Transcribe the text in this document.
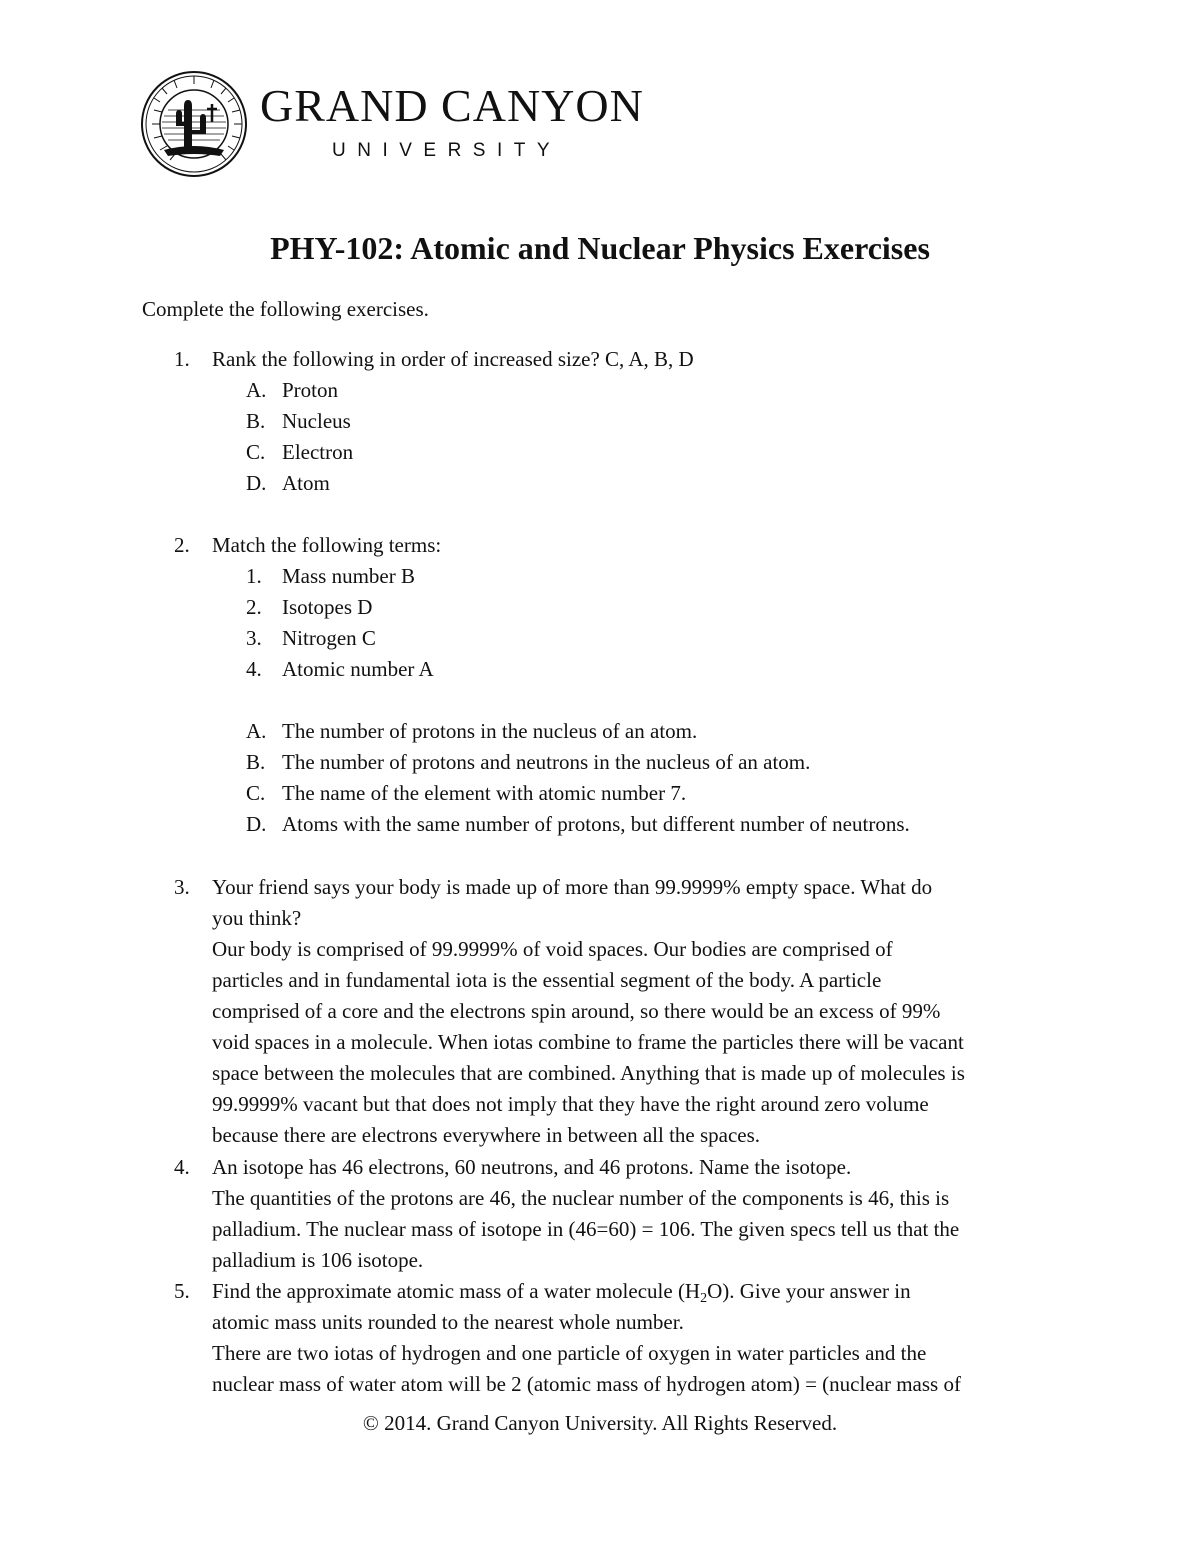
GRAND CANYON
UNIVERSITY
PHY-102: Atomic and Nuclear Physics Exercises
Complete the following exercises.
1. Rank the following in order of increased size? C, A, B, D
A. Proton
B. Nucleus
C. Electron
D. Atom
2. Match the following terms:
1. Mass number B
2. Isotopes D
3. Nitrogen C
4. Atomic number A
A. The number of protons in the nucleus of an atom.
B. The number of protons and neutrons in the nucleus of an atom.
C. The name of the element with atomic number 7.
D. Atoms with the same number of protons, but different number of neutrons.
3. Your friend says your body is made up of more than 99.9999% empty space. What do
you think?
Our body is comprised of 99.9999% of void spaces. Our bodies are comprised of
particles and in fundamental iota is the essential segment of the body. A particle
comprised of a core and the electrons spin around, so there would be an excess of 99%
void spaces in a molecule. When iotas combine to frame the particles there will be vacant
space between the molecules that are combined. Anything that is made up of molecules is
99.9999% vacant but that does not imply that they have the right around zero volume
because there are electrons everywhere in between all the spaces.
4. An isotope has 46 electrons, 60 neutrons, and 46 protons. Name the isotope.
The quantities of the protons are 46, the nuclear number of the components is 46, this is
palladium. The nuclear mass of isotope in (46=60) = 106. The given specs tell us that the
palladium is 106 isotope.
5. Find the approximate atomic mass of a water molecule $(H_2O)$. Give your answer in
atomic mass units rounded to the nearest whole number.
There are two iotas of hydrogen and one particle of oxygen in water particles and the
nuclear mass of water atom will be 2 (atomic mass of hydrogen atom) = (nuclear mass of
© 2014. Grand Canyon University. All Rights Reserved.
